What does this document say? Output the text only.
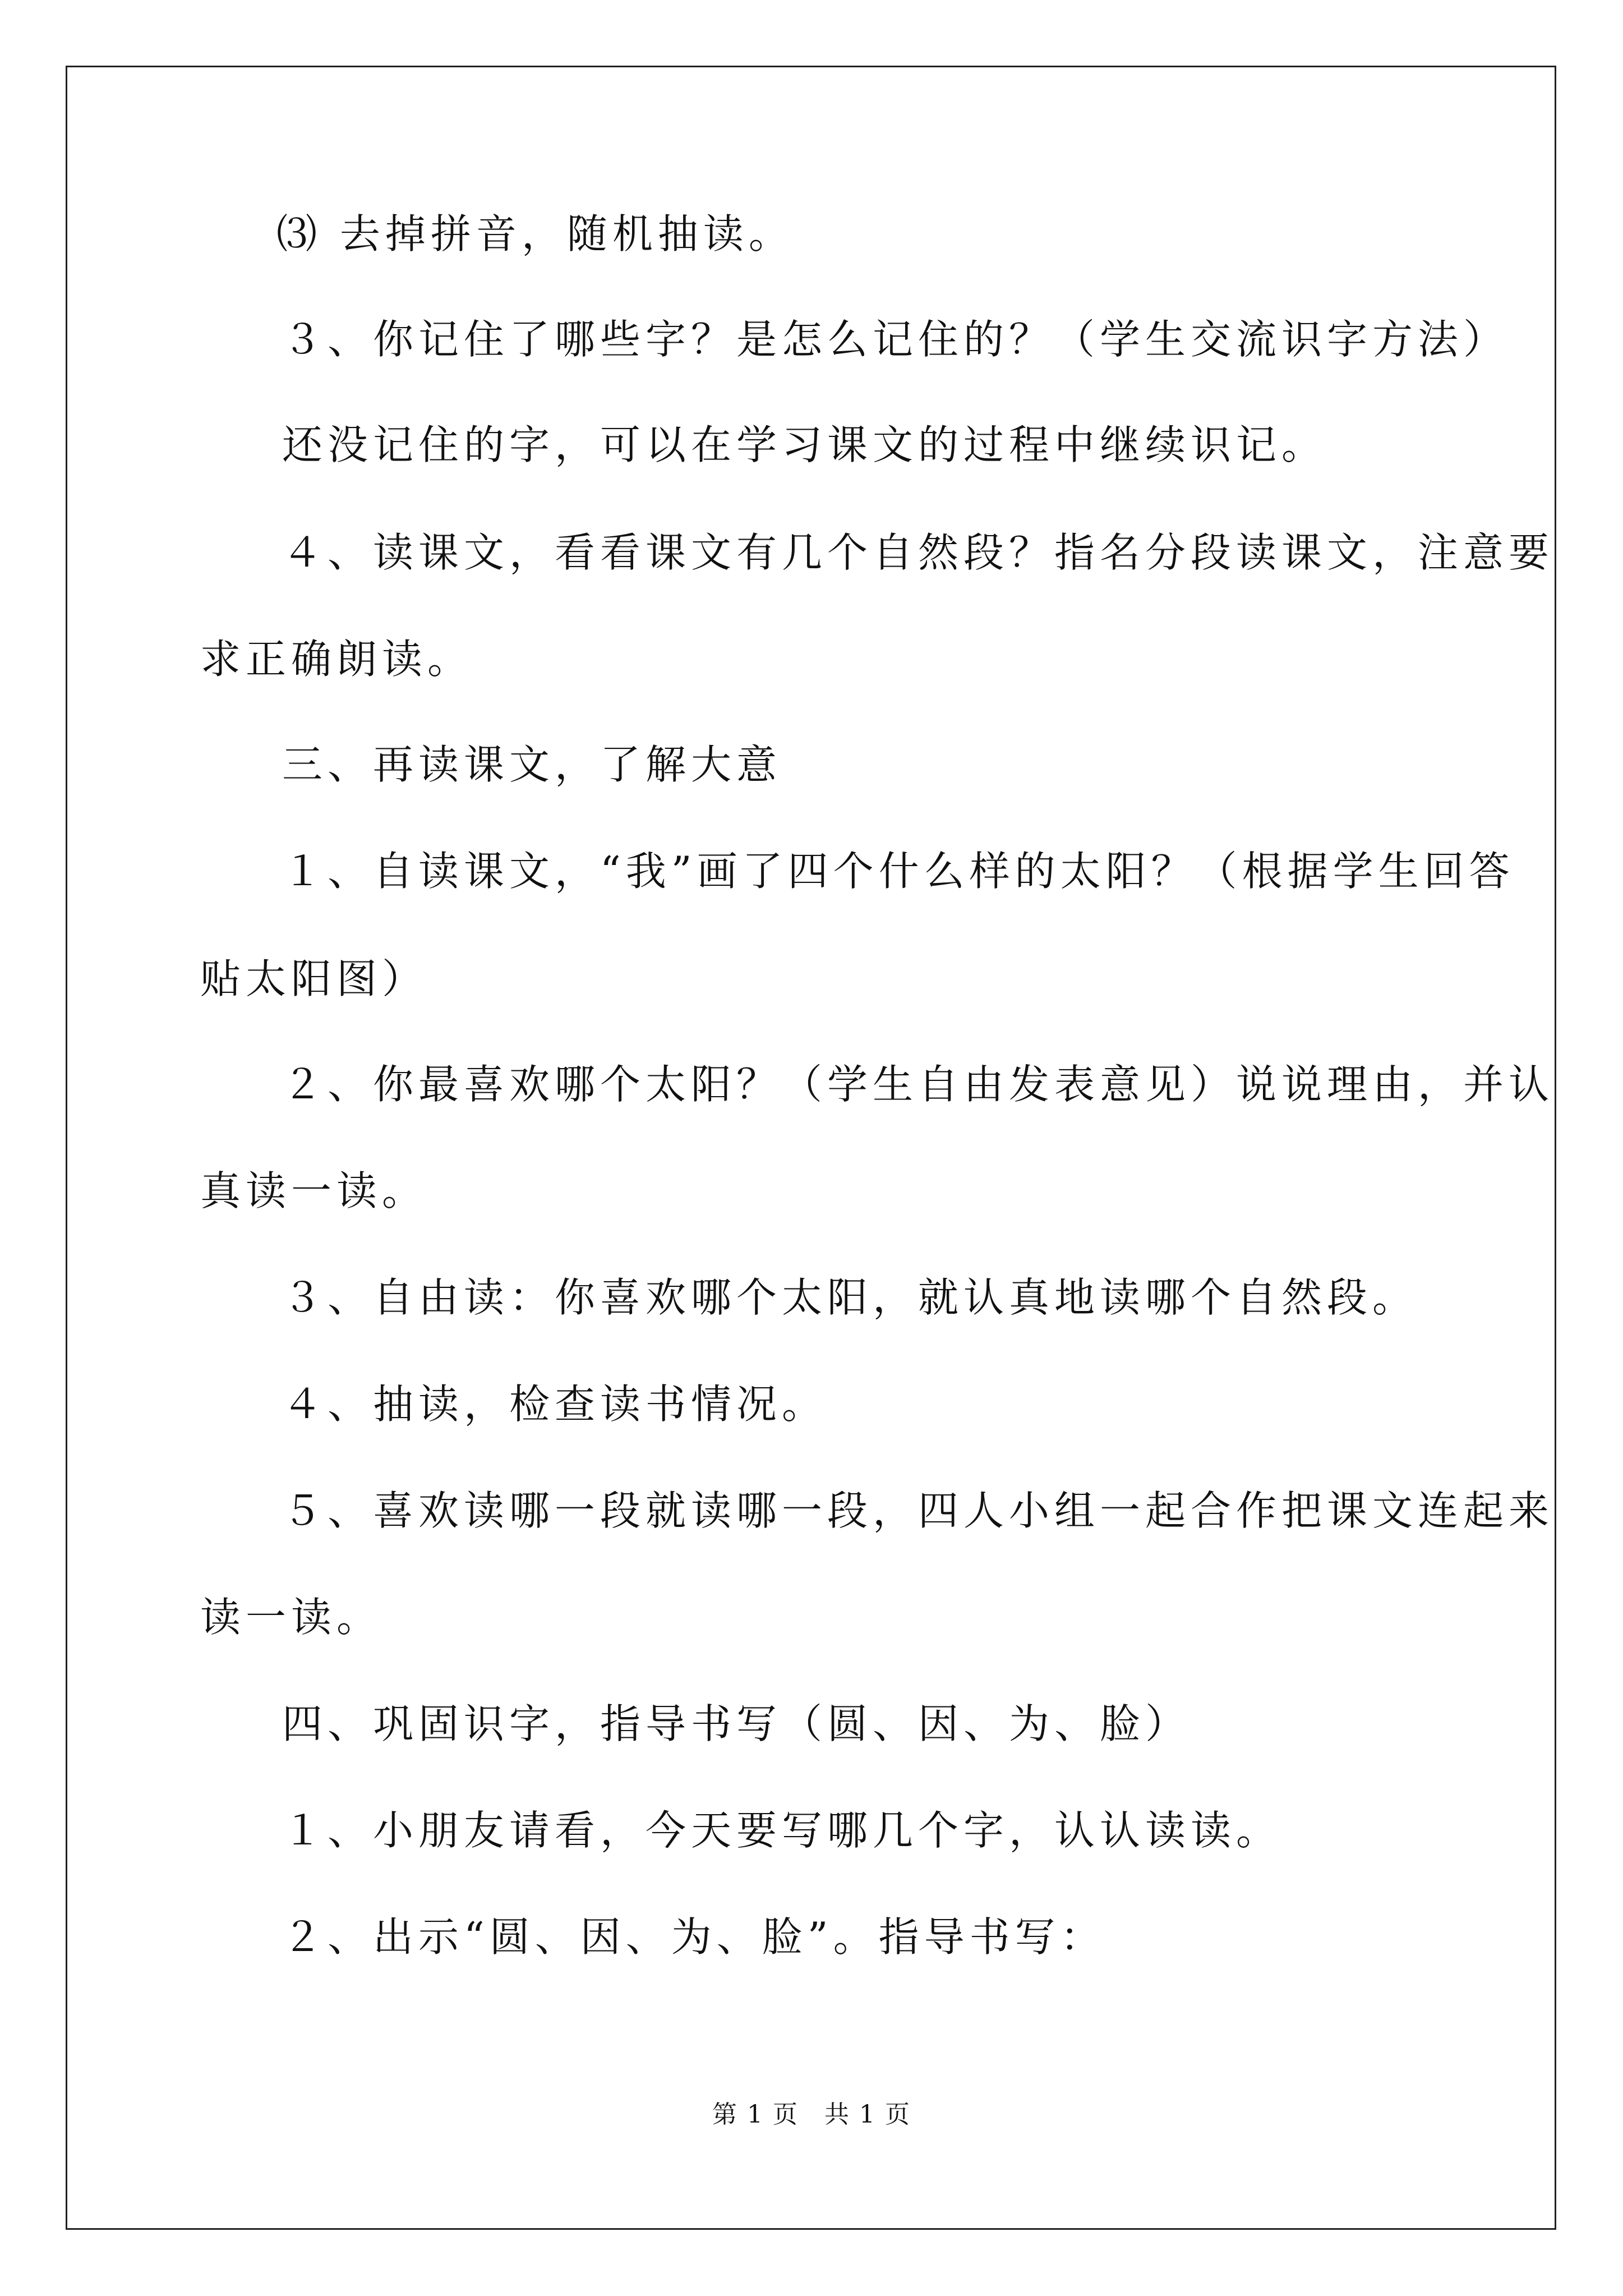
⑶ 去掉拼音，随机抽读。
３、你记住了哪些字？是怎么记住的？（学生交流识字方法）
还没记住的字，可以在学习课文的过程中继续识记。
４、读课文，看看课文有几个自然段？指名分段读课文，注意要
求正确朗读。
三、再读课文，了解大意
１、自读课文，“我”画了四个什么样的太阳？（根据学生回答
贴太阳图）
２、你最喜欢哪个太阳？（学生自由发表意见）说说理由，并认
真读一读。
３、自由读：你喜欢哪个太阳，就认真地读哪个自然段。
４、抽读，检查读书情况。
５、喜欢读哪一段就读哪一段，四人小组一起合作把课文连起来
读一读。
四、巩固识字，指导书写（圆、因、为、脸）
１、小朋友请看，今天要写哪几个字，认认读读。
２、出示“圆、因、为、脸”。指导书写：
第 1 页　共 1 页
